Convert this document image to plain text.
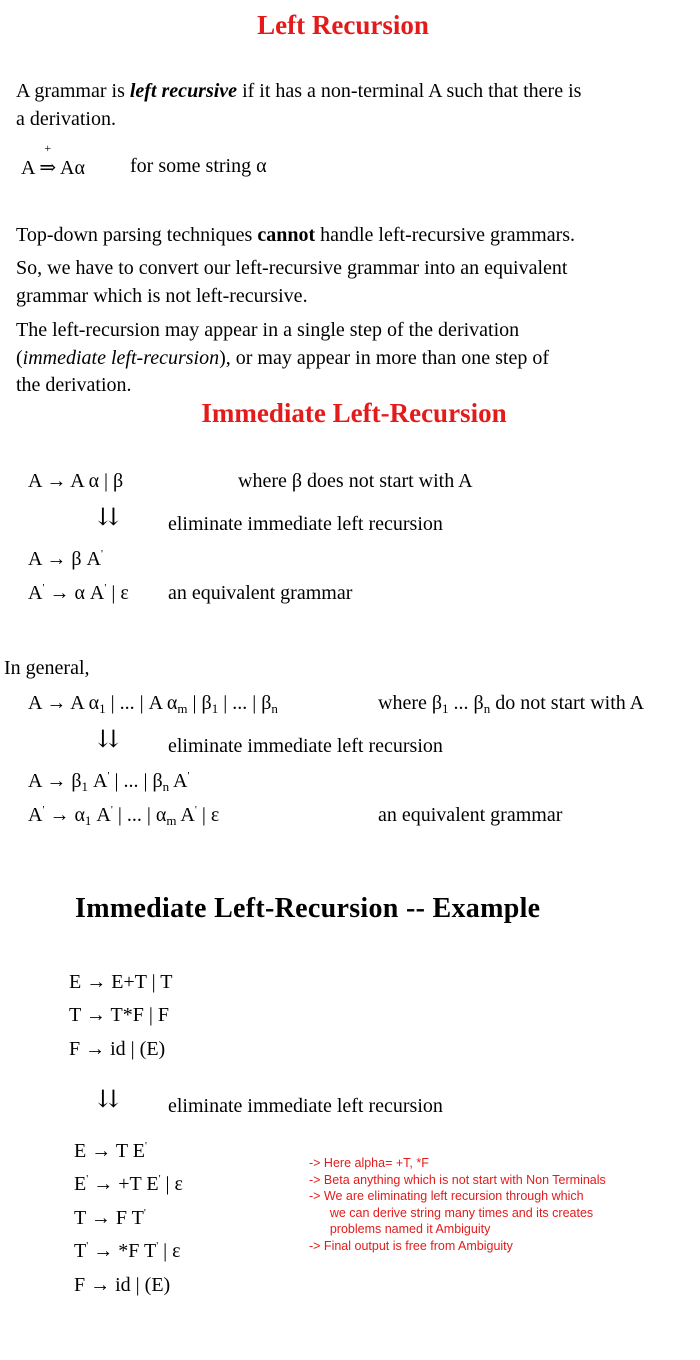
Left Recursion
A grammar is left recursive if it has a non-terminal A such that there is
a derivation.
A ⇒
+
Aα for some string α
Top-down parsing techniques cannot handle left-recursive grammars.
So, we have to convert our left-recursive grammar into an equivalent
grammar which is not left-recursive.
The left-recursion may appear in a single step of the derivation
(immediate left-recursion), or may appear in more than one step of
the derivation.
Immediate Left-Recursion
A → A α | β	where β does not start with A
⇊ eliminate immediate left recursion
A → β A'
A' → α A' | ε an equivalent grammar
In general,
A → A $\alpha_1$ | ... | A $\alpha_m$ | $\beta_1$ | ... | $\beta_n$	where $\beta_1$ ... $\beta_n$ do not start with A
⇊ eliminate immediate left recursion
$A \to \beta_1$ A' | ... | $\beta_n$ A'
$A' \to \alpha_1$ A' | ... | $\alpha_m$ A' | ε	an equivalent grammar
Immediate Left-Recursion -- Example
E → E+T | T
T → T*F | F
F → id | (E)
⇊ eliminate immediate left recursion
E → T E'
E' → +T E' | ε
T → F T'
T' → *F T' | ε
F → id | (E)
-> Here alpha= +T, *F
-> Beta anything which is not start with Non Terminals
-> We are eliminating left recursion through which
we can derive string many times and its creates
problems named it Ambiguity
-> Final output is free from Ambiguity
